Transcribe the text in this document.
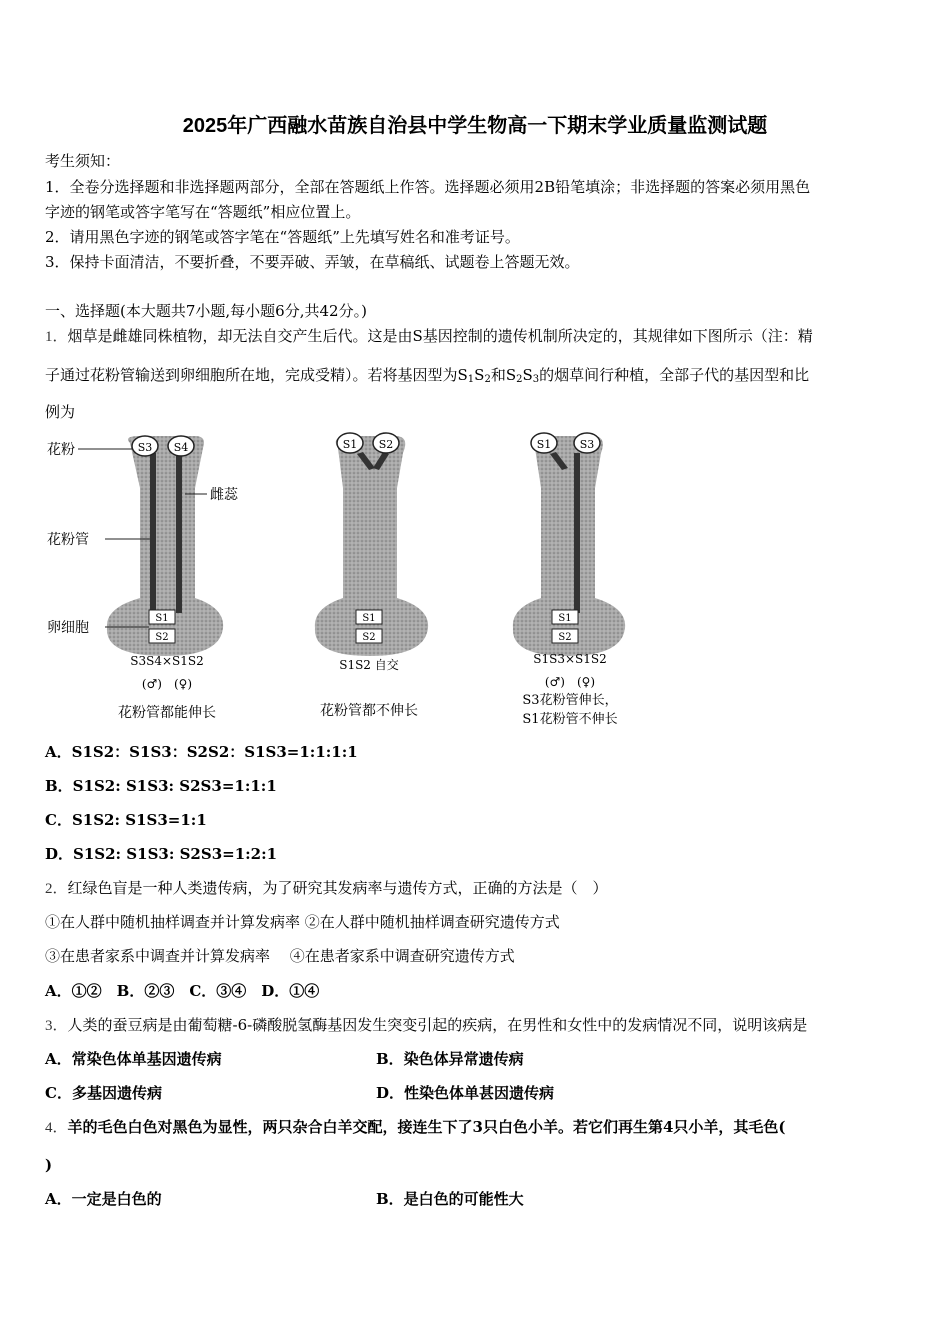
2025年广西融水苗族自治县中学生物高一下期末学业质量监测试题
考生须知：
1．全卷分选择题和非选择题两部分，全部在答题纸上作答。选择题必须用2B铅笔填涂；非选择题的答案必须用黑色
字迹的钢笔或答字笔写在“答题纸”相应位置上。
2．请用黑色字迹的钢笔或答字笔在“答题纸”上先填写姓名和准考证号。
3．保持卡面清洁，不要折叠，不要弄破、弄皱，在草稿纸、试题卷上答题无效。
一、选择题(本大题共7小题,每小题6分,共42分。)
1．烟草是雌雄同株植物，却无法自交产生后代。这是由S基因控制的遗传机制所决定的，其规律如下图所示（注：精
子通过花粉管输送到卵细胞所在地，完成受精）。若将基因型为$S_1S_2$和$S_2S_3$的烟草间行种植，全部子代的基因型和比
例为
S3 S4
S1
S2
花粉
雌蕊
花粉管
卵细胞
S3S4×S1S2
(♂)　(♀)
花粉管都能伸长
S1 S2
S1
S2
S1S2 自交
花粉管都不伸长
S1	S3
S1
S2
S1S3×S1S2
(♂)　(♀)
S3花粉管伸长，
S1花粉管不伸长
A．S1S2：S1S3：S2S2：S1S3=1:1:1:1
B．S1S2: S1S3: S2S3=1:1:1
C．S1S2: S1S3=1:1
D．S1S2: S1S3: S2S3=1:2:1
2．红绿色盲是一种人类遗传病，为了研究其发病率与遗传方式，正确的方法是（　）
①在人群中随机抽样调查并计算发病率 ②在人群中随机抽样调查研究遗传方式
③在患者家系中调查并计算发病率　 ④在患者家系中调查研究遗传方式
A．①②　B．②③　C．③④　D．①④
3．人类的蚕豆病是由葡萄糖-6-磷酸脱氢酶基因发生突变引起的疾病，在男性和女性中的发病情况不同，说明该病是
A．常染色体单基因遗传病	B．染色体异常遗传病
C．多基因遗传病	D．性染色体单甚因遗传病
4．羊的毛色白色对黑色为显性，两只杂合白羊交配，接连生下了3只白色小羊。若它们再生第4只小羊，其毛色(
)
A．一定是白色的	B．是白色的可能性大
